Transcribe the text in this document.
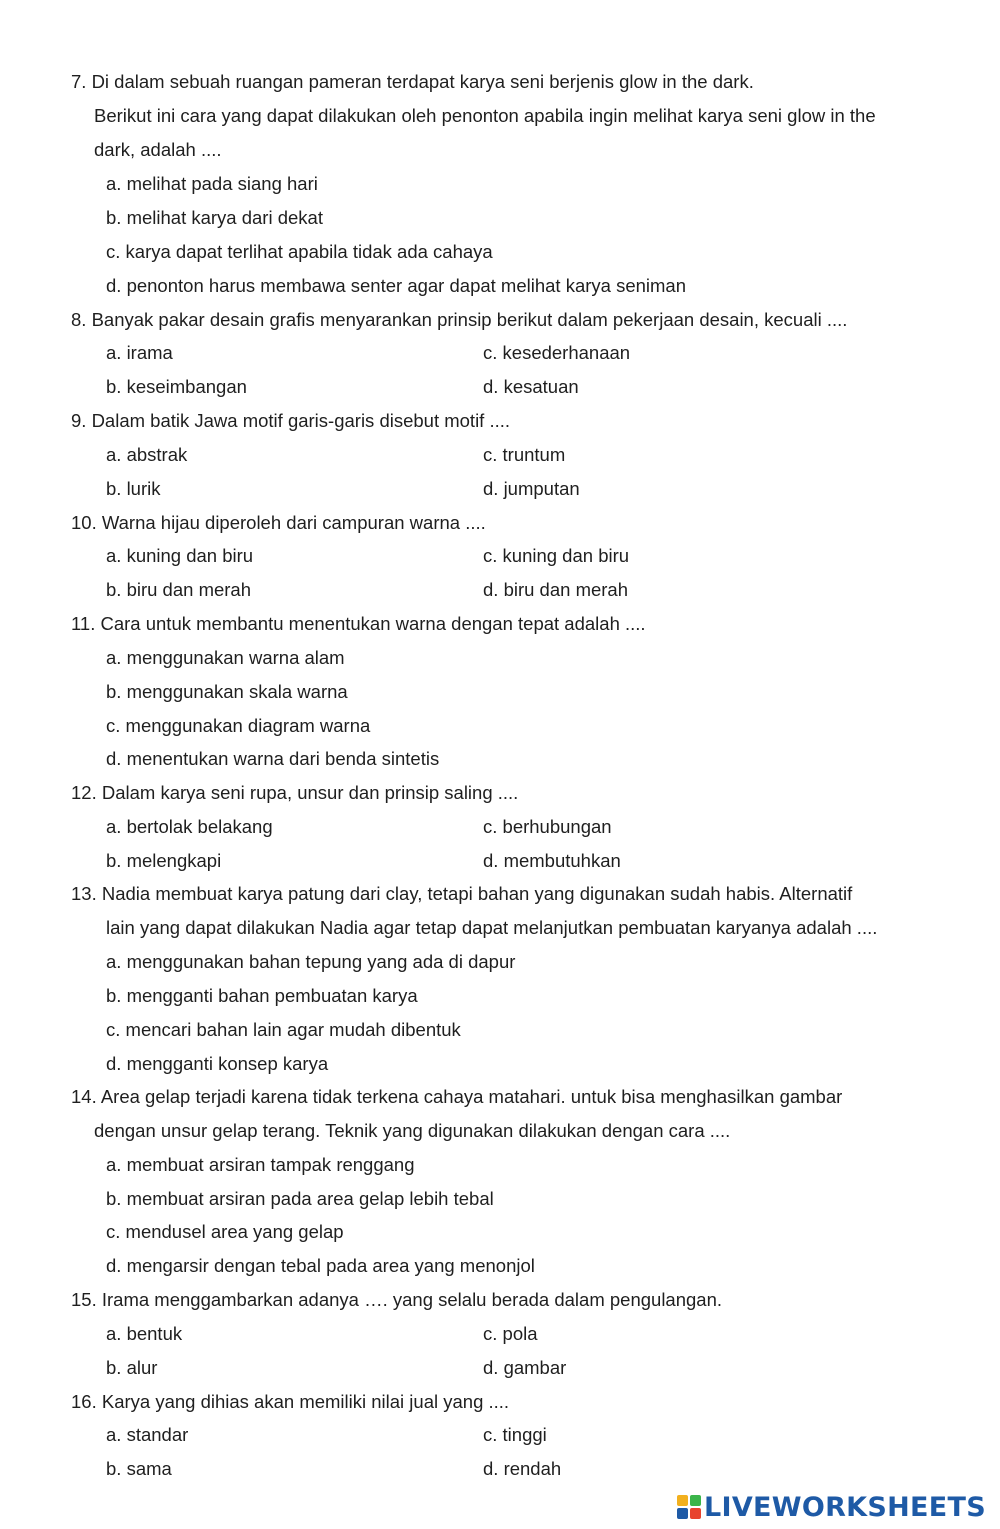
7. Di dalam sebuah ruangan pameran terdapat karya seni berjenis glow in the dark.
Berikut ini cara yang dapat dilakukan oleh penonton apabila ingin melihat karya seni glow in the
dark, adalah ....
a. melihat pada siang hari
b. melihat karya dari dekat
c. karya dapat terlihat apabila tidak ada cahaya
d. penonton harus membawa senter agar dapat melihat karya seniman
8. Banyak pakar desain grafis menyarankan prinsip berikut dalam pekerjaan desain, kecuali ....
a. irama	c. kesederhanaan
b. keseimbangan	d. kesatuan
9. Dalam batik Jawa motif garis-garis disebut motif ....
a. abstrak	c. truntum
b. lurik	d. jumputan
10. Warna hijau diperoleh dari campuran warna ....
a. kuning dan biru	c. kuning dan biru
b. biru dan merah	d. biru dan merah
11. Cara untuk membantu menentukan warna dengan tepat adalah ....
a. menggunakan warna alam
b. menggunakan skala warna
c. menggunakan diagram warna
d. menentukan warna dari benda sintetis
12. Dalam karya seni rupa, unsur dan prinsip saling ....
a. bertolak belakang	c. berhubungan
b. melengkapi	d. membutuhkan
13. Nadia membuat karya patung dari clay, tetapi bahan yang digunakan sudah habis. Alternatif
lain yang dapat dilakukan Nadia agar tetap dapat melanjutkan pembuatan karyanya adalah ....
a. menggunakan bahan tepung yang ada di dapur
b. mengganti bahan pembuatan karya
c. mencari bahan lain agar mudah dibentuk
d. mengganti konsep karya
14. Area gelap terjadi karena tidak terkena cahaya matahari. untuk bisa menghasilkan gambar
dengan unsur gelap terang. Teknik yang digunakan dilakukan dengan cara ....
a. membuat arsiran tampak renggang
b. membuat arsiran pada area gelap lebih tebal
c. mendusel area yang gelap
d. mengarsir dengan tebal pada area yang menonjol
15. Irama menggambarkan adanya …. yang selalu berada dalam pengulangan.
a. bentuk	c. pola
b. alur	d. gambar
16. Karya yang dihias akan memiliki nilai jual yang ....
a. standar	c. tinggi
b. sama	d. rendah
LIVEWORKSHEETS
